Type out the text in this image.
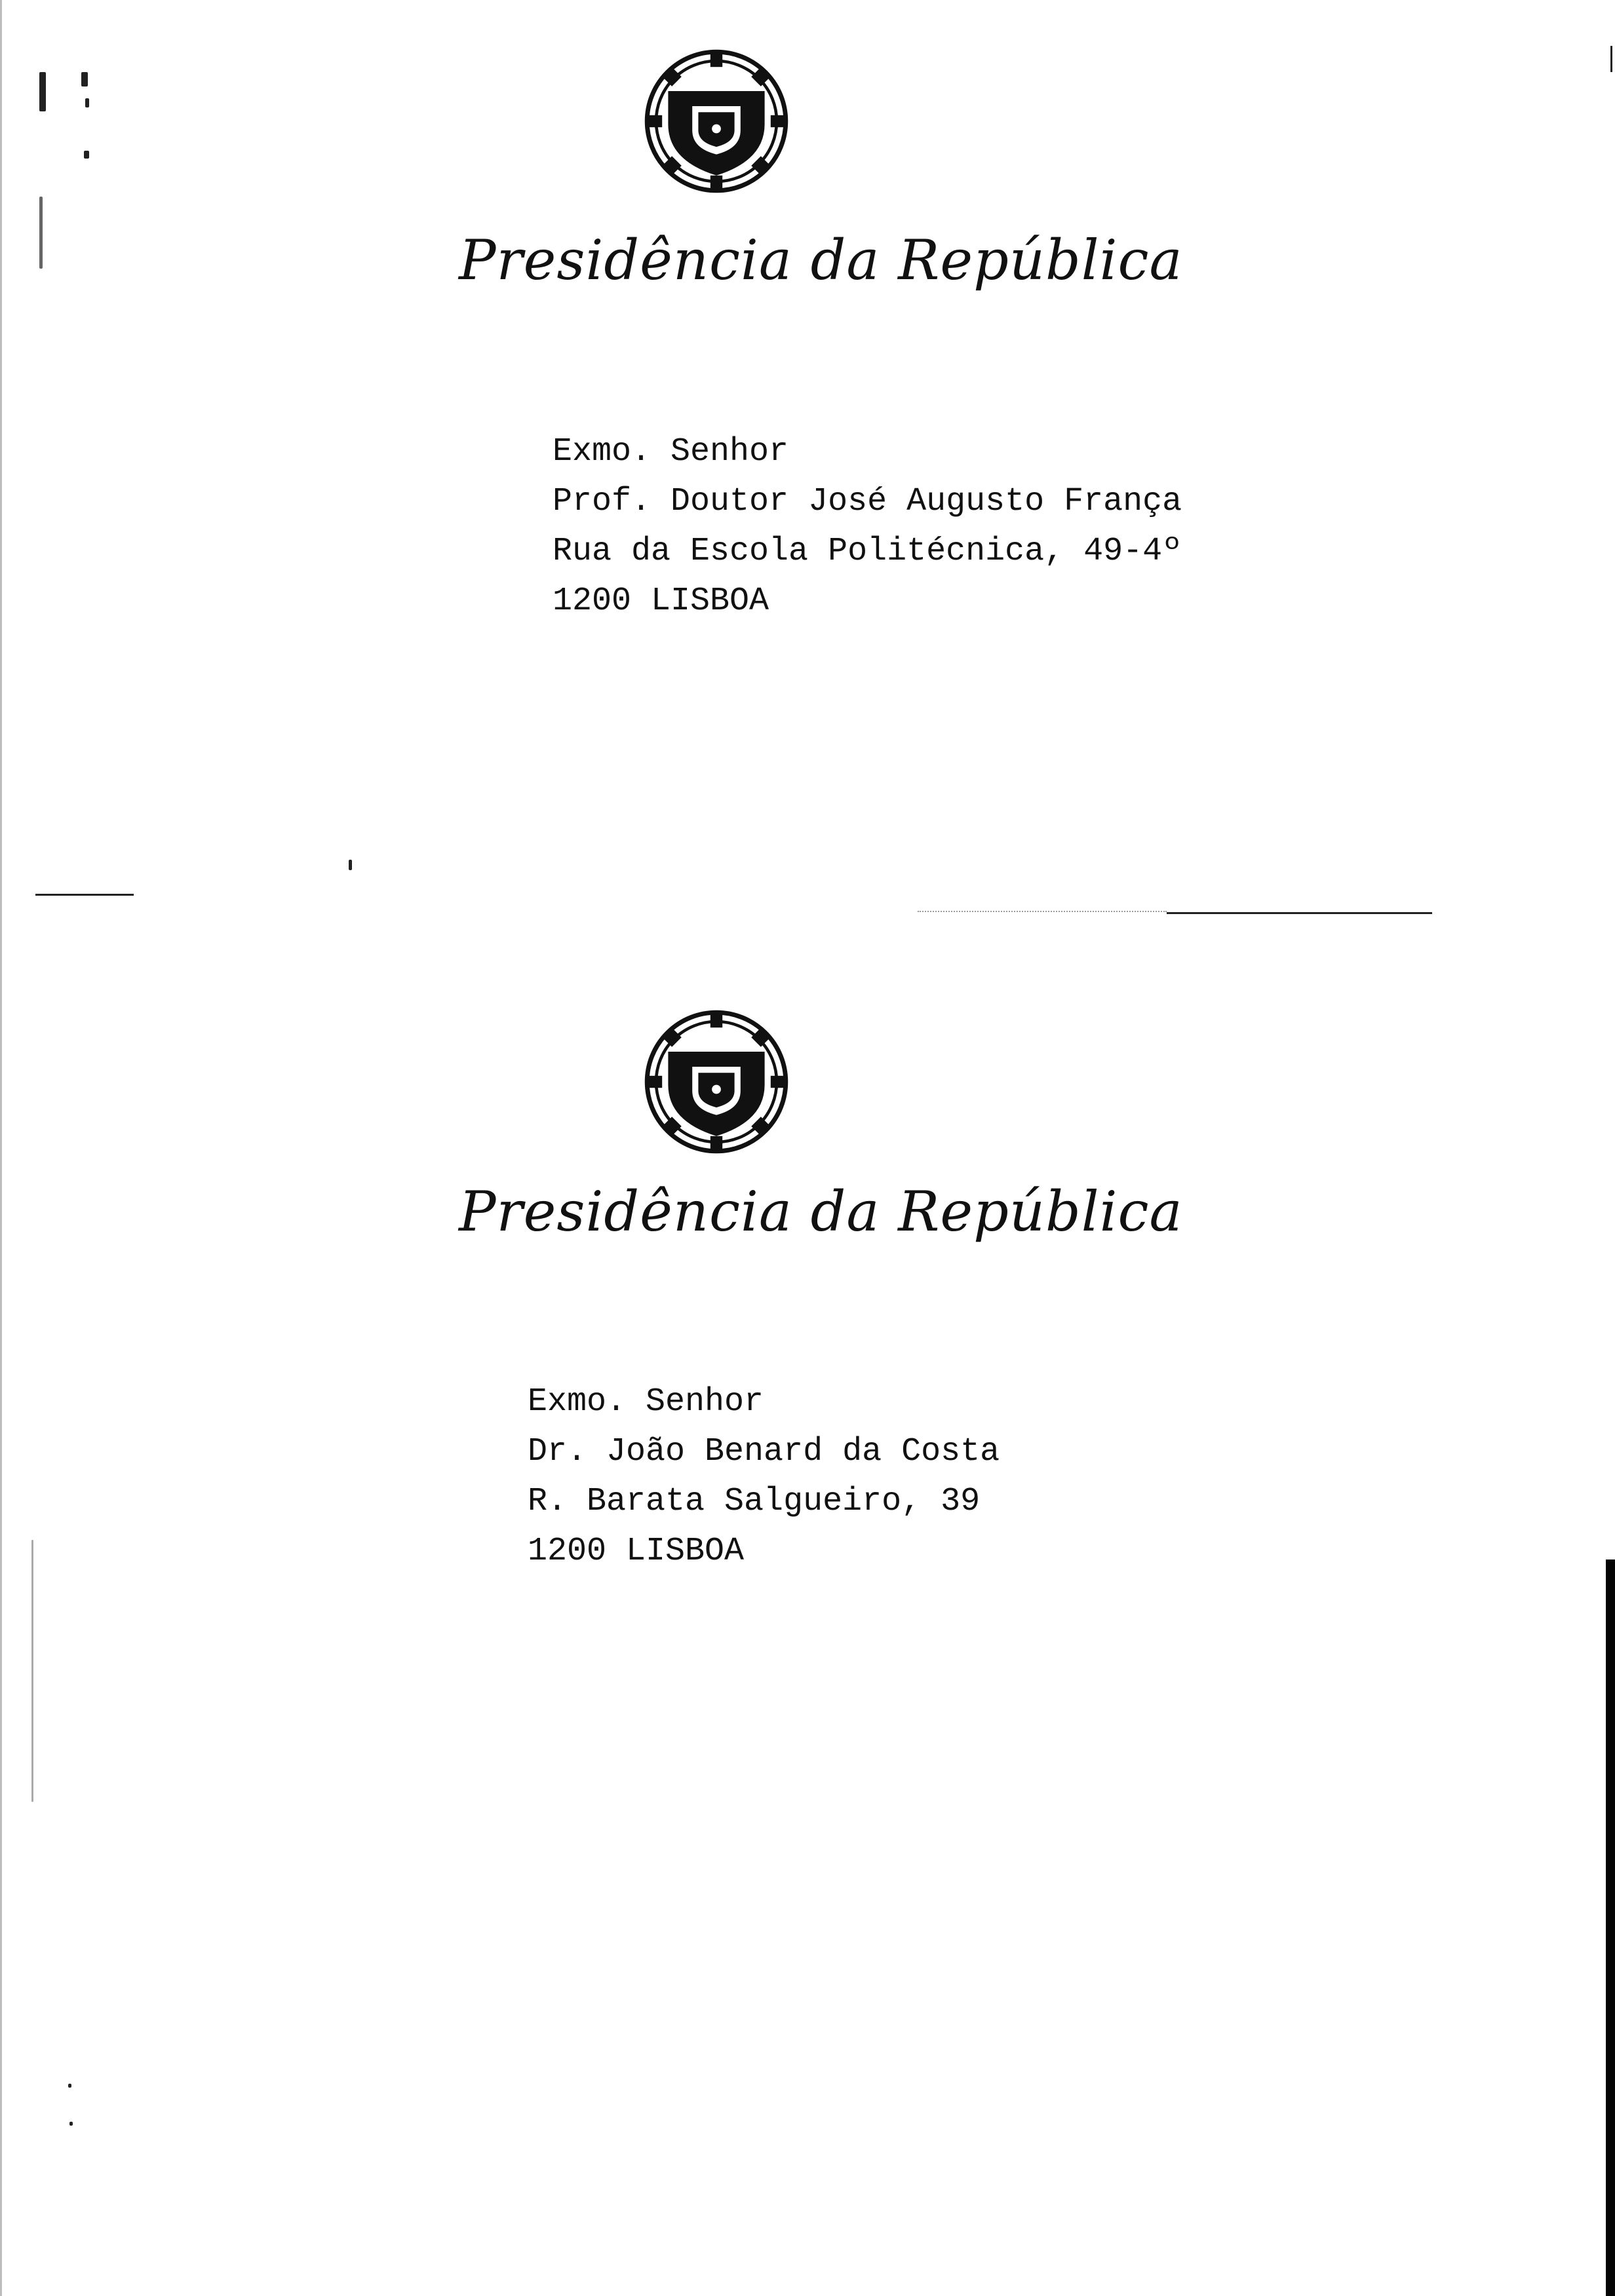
Presidência da República
Exmo. Senhor
Prof. Doutor José Augusto França
Rua da Escola Politécnica, 49-4º
1200 LISBOA
Presidência da República
Exmo. Senhor
Dr. João Benard da Costa
R. Barata Salgueiro, 39
1200 LISBOA
